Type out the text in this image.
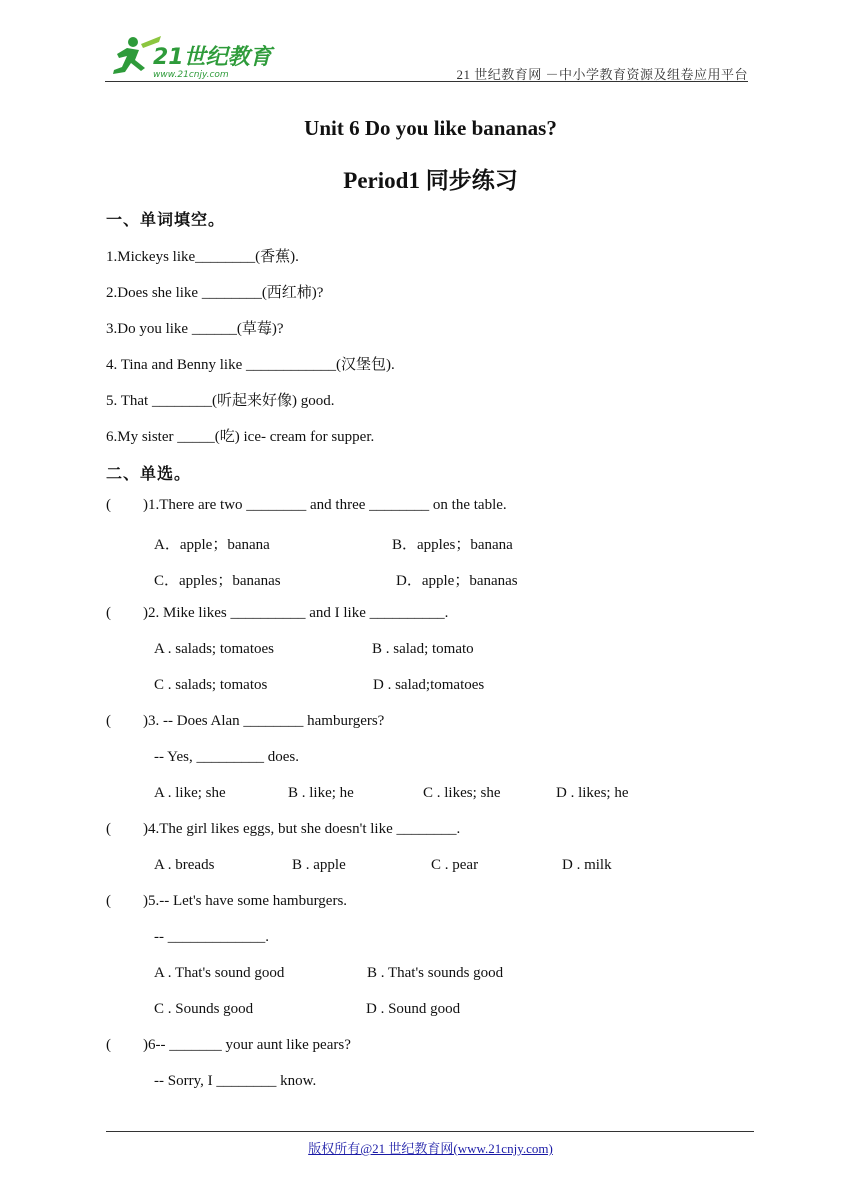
21世纪教育
www.21cnjy.com	21 世纪教育网 －中小学教育资源及组卷应用平台
Unit 6 Do you like bananas?
Period1 同步练习
一、单词填空。
1.Mickeys like________(香蕉).
2.Does she like ________(西红柿)?
3.Do you like ______(草莓)?
4. Tina and Benny like ____________(汉堡包).
5. That ________(听起来好像) good.
6.My sister _____(吃) ice- cream for supper.
二、单选。
( )1.There are two ________ and three ________ on the table.
A．apple；banana	B．apples；banana
C．apples；bananas	D．apple；bananas
( )2. Mike likes __________ and I like __________.
A . salads; tomatoes	B . salad; tomato
C . salads; tomatos	D . salad;tomatoes
( )3. -- Does Alan ________ hamburgers?
-- Yes, _________ does.
A . like; she	B . like; he	C . likes; she	D . likes; he
( )4.The girl likes eggs, but she doesn't like ________.
A . breads	B . apple	C . pear	D . milk
( )5.-- Let's have some hamburgers.
-- _____________.
A . That's sound good	B . That's sounds good
C . Sounds good	D . Sound good
( )6-- _______ your aunt like pears?
-- Sorry, I ________ know.
版权所有@21 世纪教育网(www.21cnjy.com)
